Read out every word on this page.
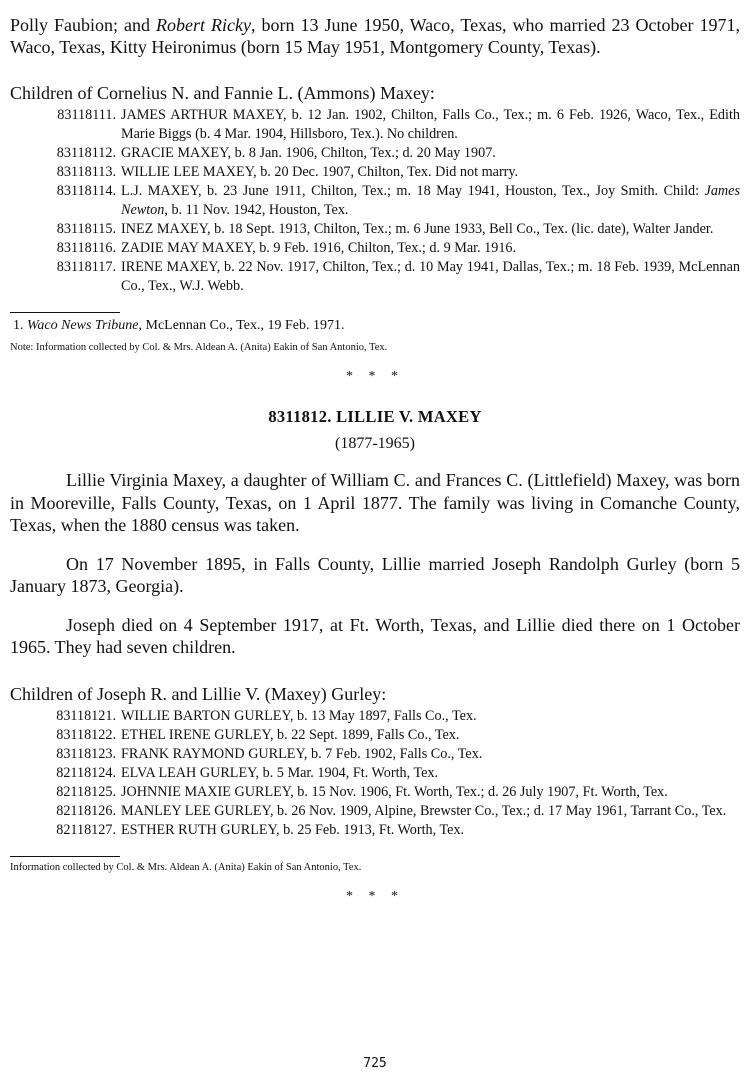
Polly Faubion; and Robert Ricky, born 13 June 1950, Waco, Texas, who married 23 October 1971, Waco, Texas, Kitty Heironimus (born 15 May 1951, Montgomery County, Texas).

Children of Cornelius N. and Fannie L. (Ammons) Maxey:
83118111. JAMES ARTHUR MAXEY, b. 12 Jan. 1902, Chilton, Falls Co., Tex.; m. 6 Feb. 1926, Waco, Tex., Edith Marie Biggs (b. 4 Mar. 1904, Hillsboro, Tex.). No children.
83118112. GRACIE MAXEY, b. 8 Jan. 1906, Chilton, Tex.; d. 20 May 1907.
83118113. WILLIE LEE MAXEY, b. 20 Dec. 1907, Chilton, Tex. Did not marry.
83118114. L.J. MAXEY, b. 23 June 1911, Chilton, Tex.; m. 18 May 1941, Houston, Tex., Joy Smith. Child: James Newton, b. 11 Nov. 1942, Houston, Tex.
83118115. INEZ MAXEY, b. 18 Sept. 1913, Chilton, Tex.; m. 6 June 1933, Bell Co., Tex. (lic. date), Walter Jander.
83118116. ZADIE MAY MAXEY, b. 9 Feb. 1916, Chilton, Tex.; d. 9 Mar. 1916.
83118117. IRENE MAXEY, b. 22 Nov. 1917, Chilton, Tex.; d. 10 May 1941, Dallas, Tex.; m. 18 Feb. 1939, McLennan Co., Tex., W.J. Webb.
1. Waco News Tribune, McLennan Co., Tex., 19 Feb. 1971.
Note: Information collected by Col. & Mrs. Aldean A. (Anita) Eakin of San Antonio, Tex.
* * *
8311812. LILLIE V. MAXEY
(1877-1965)

Lillie Virginia Maxey, a daughter of William C. and Frances C. (Littlefield) Maxey, was born in Mooreville, Falls County, Texas, on 1 April 1877. The family was living in Comanche County, Texas, when the 1880 census was taken.

On 17 November 1895, in Falls County, Lillie married Joseph Randolph Gurley (born 5 January 1873, Georgia).

Joseph died on 4 September 1917, at Ft. Worth, Texas, and Lillie died there on 1 October 1965. They had seven children.

Children of Joseph R. and Lillie V. (Maxey) Gurley:
83118121. WILLIE BARTON GURLEY, b. 13 May 1897, Falls Co., Tex.
83118122. ETHEL IRENE GURLEY, b. 22 Sept. 1899, Falls Co., Tex.
83118123. FRANK RAYMOND GURLEY, b. 7 Feb. 1902, Falls Co., Tex.
82118124. ELVA LEAH GURLEY, b. 5 Mar. 1904, Ft. Worth, Tex.
82118125. JOHNNIE MAXIE GURLEY, b. 15 Nov. 1906, Ft. Worth, Tex.; d. 26 July 1907, Ft. Worth, Tex.
82118126. MANLEY LEE GURLEY, b. 26 Nov. 1909, Alpine, Brewster Co., Tex.; d. 17 May 1961, Tarrant Co., Tex.
82118127. ESTHER RUTH GURLEY, b. 25 Feb. 1913, Ft. Worth, Tex.
Information collected by Col. & Mrs. Aldean A. (Anita) Eakin of San Antonio, Tex.
* * *
725
